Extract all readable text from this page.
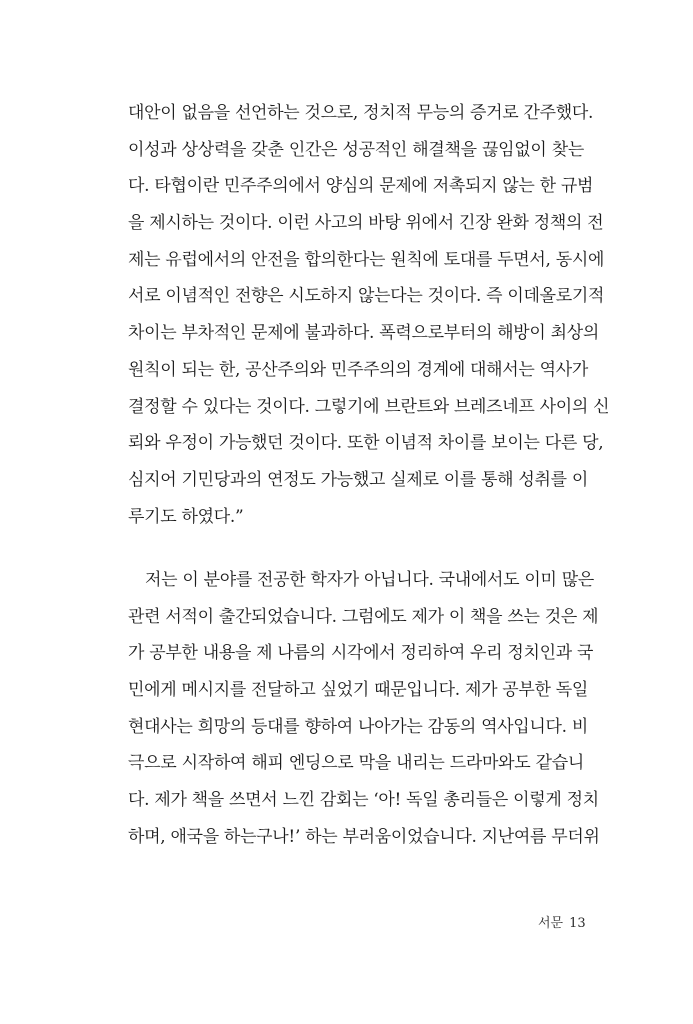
대안이 없음을 선언하는 것으로, 정치적 무능의 증거로 간주했다.
이성과 상상력을 갖춘 인간은 성공적인 해결책을 끊임없이 찾는
다. 타협이란 민주주의에서 양심의 문제에 저촉되지 않는 한 규범
을 제시하는 것이다. 이런 사고의 바탕 위에서 긴장 완화 정책의 전
제는 유럽에서의 안전을 합의한다는 원칙에 토대를 두면서, 동시에
서로 이념적인 전향은 시도하지 않는다는 것이다. 즉 이데올로기적
차이는 부차적인 문제에 불과하다. 폭력으로부터의 해방이 최상의
원칙이 되는 한, 공산주의와 민주주의의 경계에 대해서는 역사가
결정할 수 있다는 것이다. 그렇기에 브란트와 브레즈네프 사이의 신
뢰와 우정이 가능했던 것이다. 또한 이념적 차이를 보이는 다른 당,
심지어 기민당과의 연정도 가능했고 실제로 이를 통해 성취를 이
루기도 하였다.”
저는 이 분야를 전공한 학자가 아닙니다. 국내에서도 이미 많은
관련 서적이 출간되었습니다. 그럼에도 제가 이 책을 쓰는 것은 제
가 공부한 내용을 제 나름의 시각에서 정리하여 우리 정치인과 국
민에게 메시지를 전달하고 싶었기 때문입니다. 제가 공부한 독일
현대사는 희망의 등대를 향하여 나아가는 감동의 역사입니다. 비
극으로 시작하여 해피 엔딩으로 막을 내리는 드라마와도 같습니
다. 제가 책을 쓰면서 느낀 감회는 ‘아! 독일 총리들은 이렇게 정치
하며, 애국을 하는구나!’ 하는 부러움이었습니다. 지난여름 무더위
서문 13
